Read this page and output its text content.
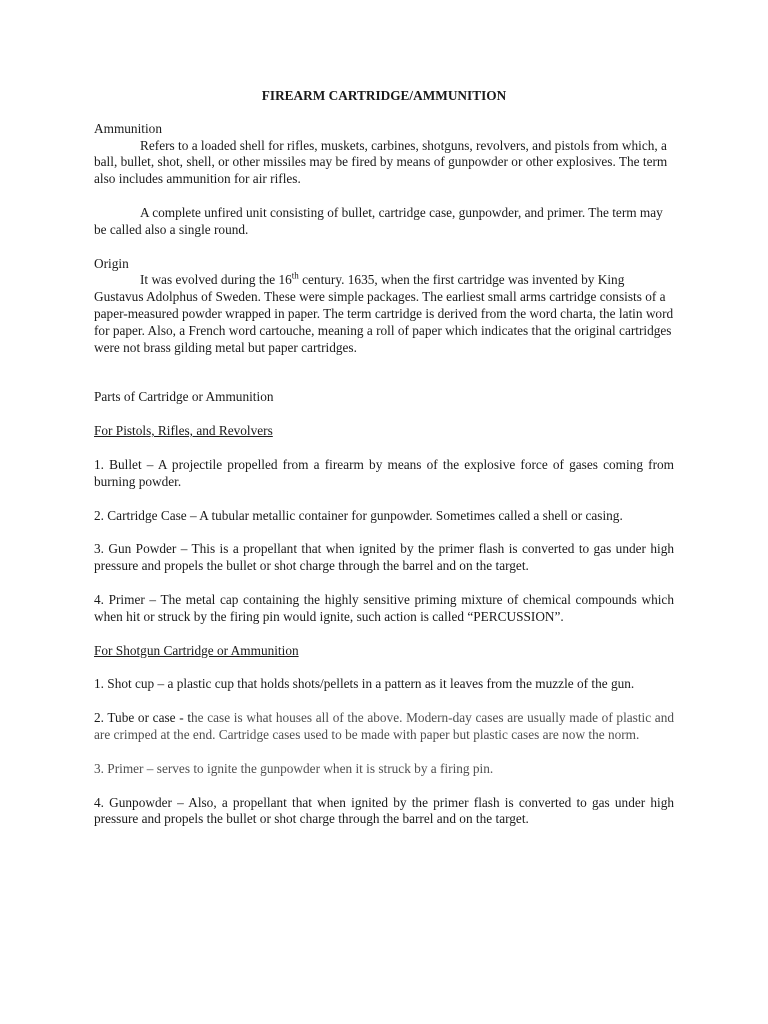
FIREARM CARTRIDGE/AMMUNITION

Ammunition

Refers to a loaded shell for rifles, muskets, carbines, shotguns, revolvers, and pistols from which, a ball, bullet, shot, shell, or other missiles may be fired by means of gunpowder or other explosives. The term also includes ammunition for air rifles.

A complete unfired unit consisting of bullet, cartridge case, gunpowder, and primer. The term may be called also a single round.

Origin

It was evolved during the 16th century. 1635, when the first cartridge was invented by King Gustavus Adolphus of Sweden. These were simple packages. The earliest small arms cartridge consists of a paper-measured powder wrapped in paper. The term cartridge is derived from the word charta, the latin word for paper. Also, a French word cartouche, meaning a roll of paper which indicates that the original cartridges were not brass gilding metal but paper cartridges.

Parts of Cartridge or Ammunition

For Pistols, Rifles, and Revolvers

1. Bullet – A projectile propelled from a firearm by means of the explosive force of gases coming from burning powder.

2. Cartridge Case – A tubular metallic container for gunpowder. Sometimes called a shell or casing.

3. Gun Powder – This is a propellant that when ignited by the primer flash is converted to gas under high pressure and propels the bullet or shot charge through the barrel and on the target.

4. Primer – The metal cap containing the highly sensitive priming mixture of chemical compounds which when hit or struck by the firing pin would ignite, such action is called “PERCUSSION”.

For Shotgun Cartridge or Ammunition

1. Shot cup – a plastic cup that holds shots/pellets in a pattern as it leaves from the muzzle of the gun.

2. Tube or case - the case is what houses all of the above. Modern-day cases are usually made of plastic and are crimped at the end. Cartridge cases used to be made with paper but plastic cases are now the norm.

3. Primer – serves to ignite the gunpowder when it is struck by a firing pin.

4. Gunpowder – Also, a propellant that when ignited by the primer flash is converted to gas under high pressure and propels the bullet or shot charge through the barrel and on the target.
